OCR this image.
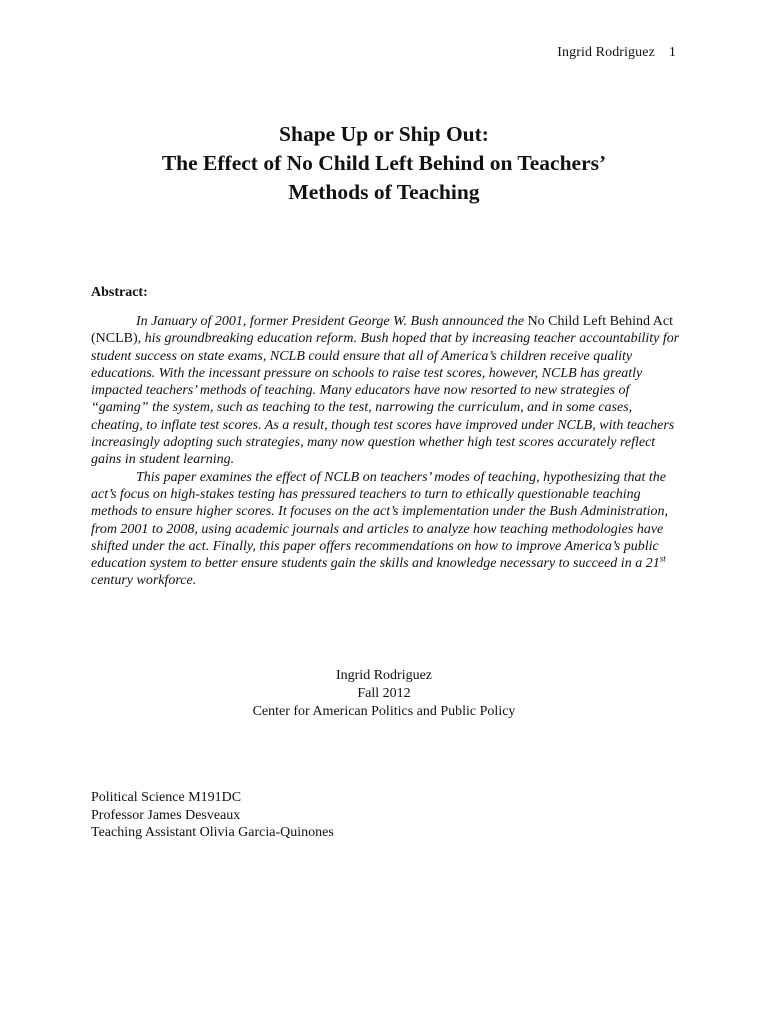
Ingrid Rodriguez 1
Shape Up or Ship Out:
The Effect of No Child Left Behind on Teachers’
Methods of Teaching
Abstract:

In January of 2001, former President George W. Bush announced the No Child Left Behind Act (NCLB), his groundbreaking education reform. Bush hoped that by increasing teacher accountability for student success on state exams, NCLB could ensure that all of America’s children receive quality educations. With the incessant pressure on schools to raise test scores, however, NCLB has greatly impacted teachers’ methods of teaching. Many educators have now resorted to new strategies of “gaming” the system, such as teaching to the test, narrowing the curriculum, and in some cases, cheating, to inflate test scores. As a result, though test scores have improved under NCLB, with teachers increasingly adopting such strategies, many now question whether high test scores accurately reflect gains in student learning.

This paper examines the effect of NCLB on teachers’ modes of teaching, hypothesizing that the act’s focus on high-stakes testing has pressured teachers to turn to ethically questionable teaching methods to ensure higher scores. It focuses on the act’s implementation under the Bush Administration, from 2001 to 2008, using academic journals and articles to analyze how teaching methodologies have shifted under the act. Finally, this paper offers recommendations on how to improve America’s public education system to better ensure students gain the skills and knowledge necessary to succeed in a 21st century workforce.

Ingrid Rodriguez
Fall 2012
Center for American Politics and Public Policy
Political Science M191DC
Professor James Desveaux
Teaching Assistant Olivia Garcia-Quinones
